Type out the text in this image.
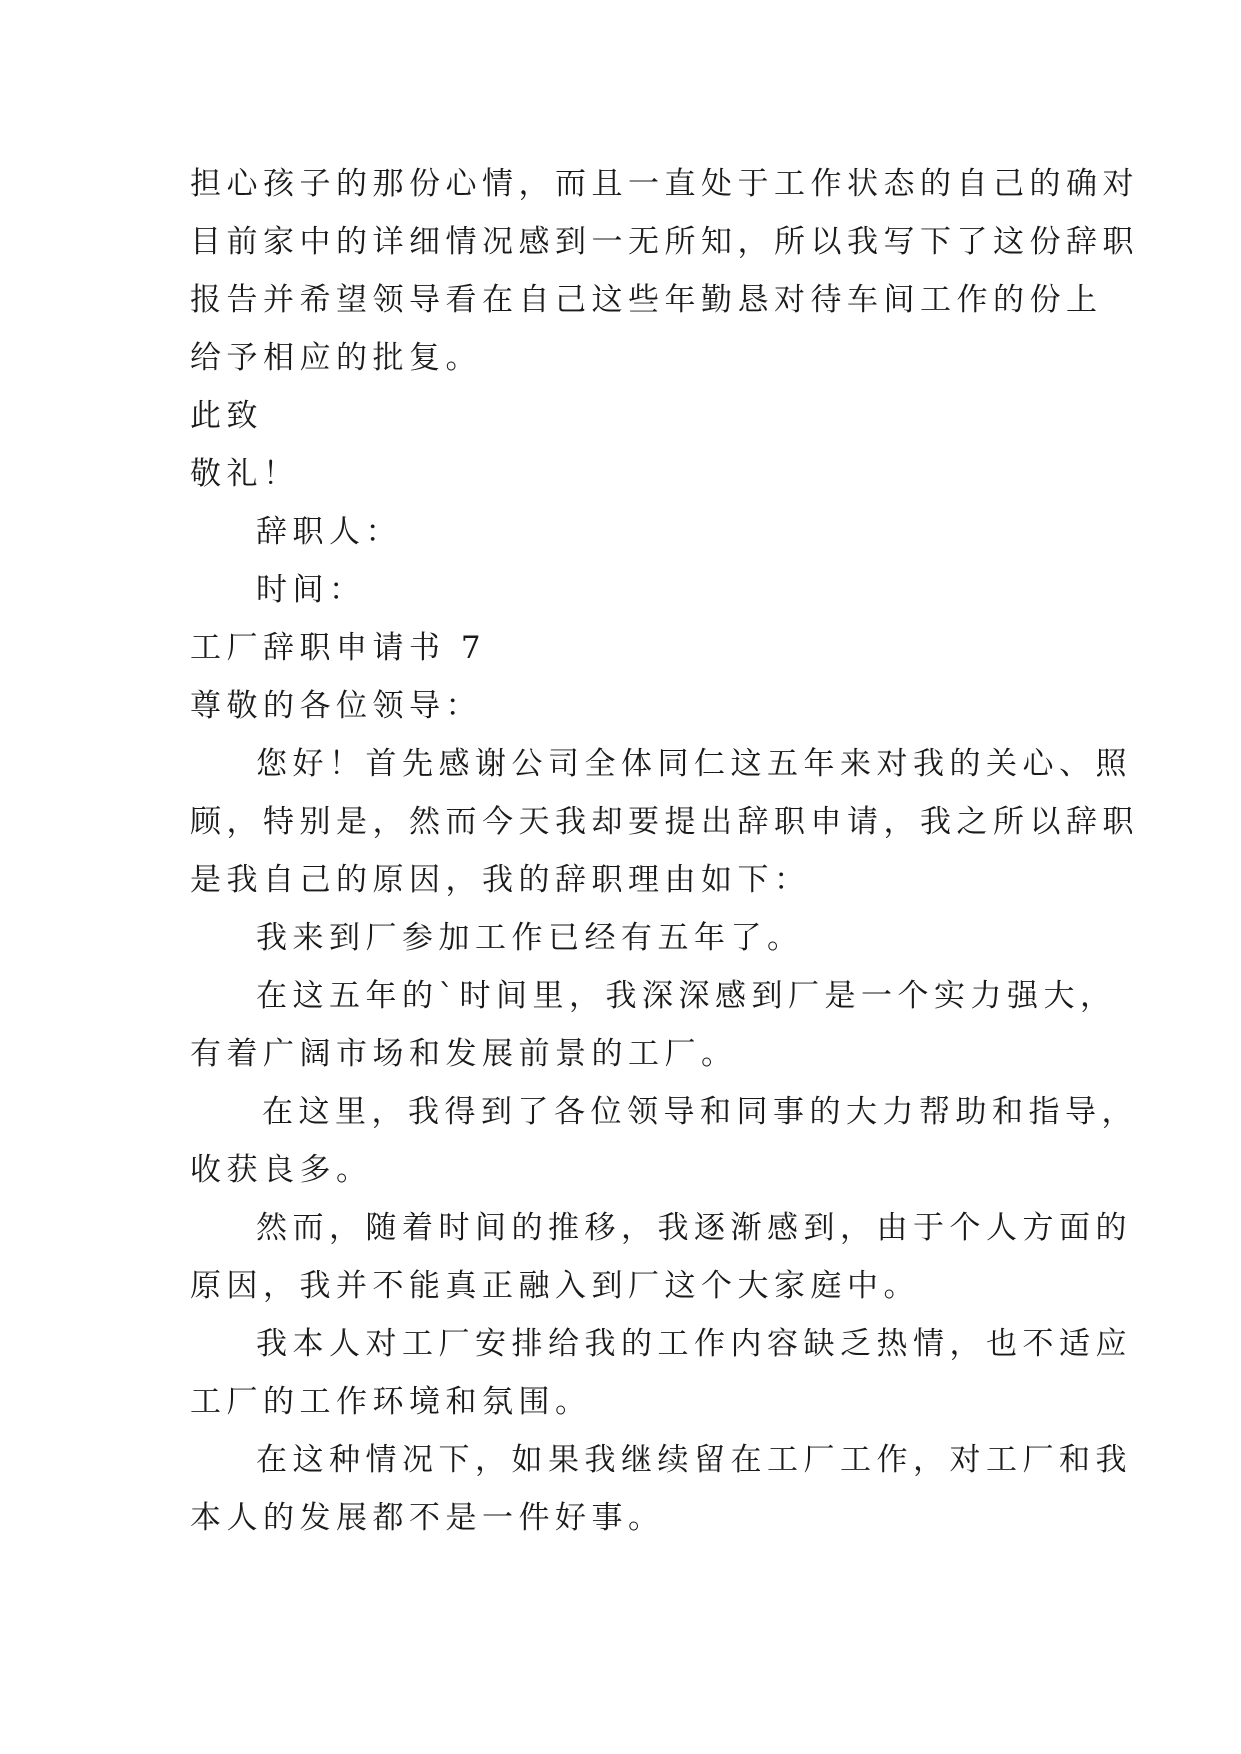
担心孩子的那份心情，而且一直处于工作状态的自己的确对
目前家中的详细情况感到一无所知，所以我写下了这份辞职
报告并希望领导看在自己这些年勤恳对待车间工作的份上
给予相应的批复。
此致
敬礼！
辞职人：
时间：
工厂辞职申请书 7
尊敬的各位领导：
您好！首先感谢公司全体同仁这五年来对我的关心、照
顾，特别是，然而今天我却要提出辞职申请，我之所以辞职
是我自己的原因，我的辞职理由如下：
我来到厂参加工作已经有五年了。
在这五年的`时间里，我深深感到厂是一个实力强大，
有着广阔市场和发展前景的工厂。
在这里，我得到了各位领导和同事的大力帮助和指导，
收获良多。
然而，随着时间的推移，我逐渐感到，由于个人方面的
原因，我并不能真正融入到厂这个大家庭中。
我本人对工厂安排给我的工作内容缺乏热情，也不适应
工厂的工作环境和氛围。
在这种情况下，如果我继续留在工厂工作，对工厂和我
本人的发展都不是一件好事。
